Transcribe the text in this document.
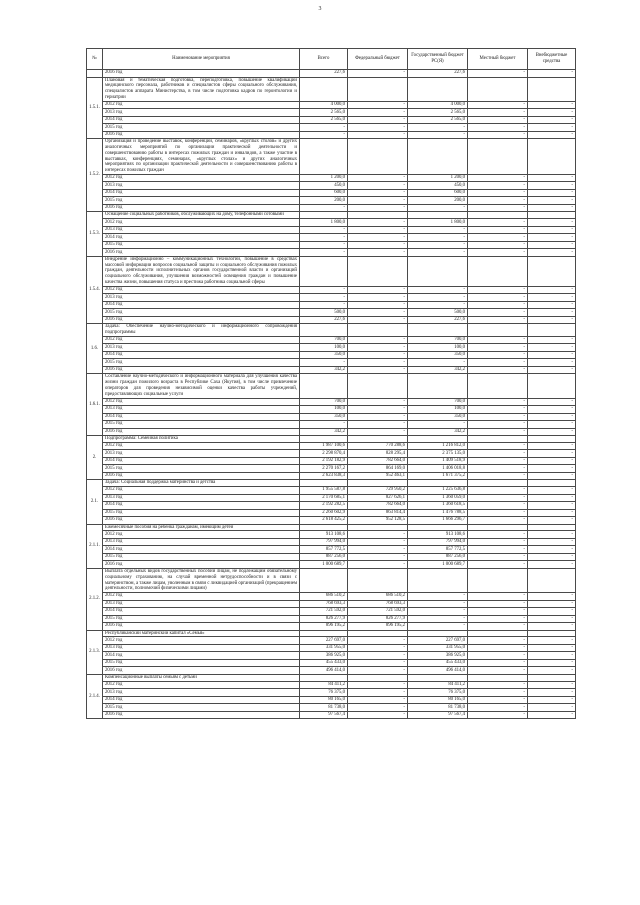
3
№	Наименование мероприятия	Всего	Федеральный бюджет	Государственный бюджет РС(Я)	Местный бюджет	Внебюджетные средства
	2016 год	227,6	-	227,6	-	-
1.5.1.	Плановая и тематическая подготовка, переподготовка, повышение квалификации медицинского персонала, работников и специалистов сферы социального обслуживания, специалистов аппарата Министерства, в том числе подготовка кадров по геронтологии и гериатрии					
	2012 год	4 000,0	-	4 000,0	-	-
	2013 год	2 565,0	-	2 565,0	-	-
	2014 год	2 565,0	-	2 565,0	-	-
	2015 год	-	-	-	-	-
	2016 год	-	-	-	-	-
1.5.2.	Организация и проведение выставок, конференций, семинаров, «круглых столов» и других аналогичных мероприятий по организации практической деятельности и совершенствованию работы в интересах пожилых граждан и инвалидов, а также участие в выставках, конференциях, семинарах, «круглых столах» и других аналогичных мероприятиях по организации практической деятельности и совершенствованию работы в интересах пожилых граждан					
	2012 год	1 200,0	-	1 200,0	-	-
	2013 год	450,0	-	450,0	-	-
	2014 год	600,0	-	600,0	-	-
	2015 год	200,0	-	200,0	-	-
	2016 год	-	-	-	-	-
1.5.3.	Оснащение социальных работников, обслуживающих на дому, телефонными сотовыми					
	2012 год	1 800,0	-	1 800,0	-	-
	2013 год	-	-	-	-	-
	2014 год	-	-	-	-	-
	2015 год	-	-	-	-	-
	2016 год	-	-	-	-	-
1.5.4.	Внедрение информационно – коммуникационных технологий, повышение в средствах массовой информации вопросов социальной защиты и социального обслуживания пожилых граждан, деятельности исполнительных органов государственной власти и организаций социального обслуживания, улучшения возможностей освещения граждан и повышение качества жизни, повышения статуса и престижа работника социальной сферы					
	2012 год	-	-	-	-	-
	2013 год	-	-	-	-	-
	2014 год	-	-	-	-	-
	2015 год	500,0	-	500,0	-	-
	2016 год	227,6	-	227,6	-	-
1.6.	Задача: Обеспечение научно-методического и информационного сопровождения подпрограммы					
	2012 год	700,0	-	700,0	-	-
	2013 год	100,0	-	100,0	-	-
	2014 год	350,0	-	350,0	-	-
	2015 год	-	-	-	-	-
	2016 год	342,2	-	342,2	-	-
1.6.1.	Составление научно-методического и информационного материала для улучшения качества жизни граждан пожилого возраста в Республике Саха (Якутия), в том числе привлечение операторов для проведения независимой оценки качества работы учреждений, предоставляющих социальные услуги					
	2012 год	700,0	-	700,0	-	-
	2013 год	100,0	-	100,0	-	-
	2014 год	350,0	-	350,0	-	-
	2015 год	-	-	-	-	-
	2016 год	342,2	-	342,2	-	-
2.	Подпрограмма: Семейная политика					
	2012 год	1 987 100,6	770 288,6	1 216 812,0	-	-
	2013 год	2 298 870,4	828 295,4	2 375 135,0	-	-
	2014 год	2 192 182,9	782 664,0	1 409 518,9	-	-
	2015 год	2 270 167,2	864 169,0	1 406 018,8	-	-
	2016 год	2 623 838,3	952 463,1	1 671 375,2	-	-
2.1.	Задача: Социальная поддержка материнства и детства					
	2012 год	1 955 587,8	729 950,2	1 225 636,8	-	-
	2013 год	2 170 685,1	827 626,1	1 360 059,0	-	-
	2014 год	2 192 282,5	782 664,0	1 360 618,5	-	-
	2015 год	2 260 602,9	863 814,4	1 476 788,5	-	-
	2016 год	2 618 425,2	952 128,5	1 666 296,7	-	-
2.1.1.	Ежемесячные пособия на ребенка гражданам, имеющим детей					
	2012 год	913 108,6	-	913 108,6	-	-
	2013 год	797 994,0	-	797 994,0	-	-
	2014 год	857 772,5	-	857 772,5	-	-
	2015 год	887 256,0	-	887 256,0	-	-
	2016 год	1 000 689,7	-	1 000 689,7	-	-
2.1.2.	Выплата отдельных видов государственных пособий лицам, не подлежащим обязательному социальному страхованию, на случай временной нетрудоспособности и в связи с материнством, а также лицам, уволенным в связи с ликвидацией организаций (прекращением деятельности, полномочий физическими лицами)					
	2012 год	686 510,2	686 510,2	-	-	-
	2013 год	768 693,3	768 693,3	-	-	-
	2014 год	721 592,0	721 592,0	-	-	-
	2015 год	826 277,9	826 277,9	-	-	-
	2016 год	896 195,2	896 195,2	-	-	-
2.1.3.	Республиканский материнский капитал «Семья»					
	2012 год	227 697,0	-	227 697,0	-	-
	2013 год	331 955,0	-	331 955,0	-	-
	2014 год	386 925,0	-	386 925,0	-	-
	2015 год	455 433,0	-	455 433,0	-	-
	2016 год	496 414,0	-	496 414,0	-	-
2.1.4.	Компенсационные выплаты семьям с детьми					
	2012 год	84 411,2	-	84 411,2	-	-
	2013 год	76 375,0	-	76 375,0	-	-
	2014 год	80 165,0	-	80 165,0	-	-
	2015 год	81 738,0	-	81 738,0	-	-
	2016 год	97 567,4	-	97 567,4	-	-
